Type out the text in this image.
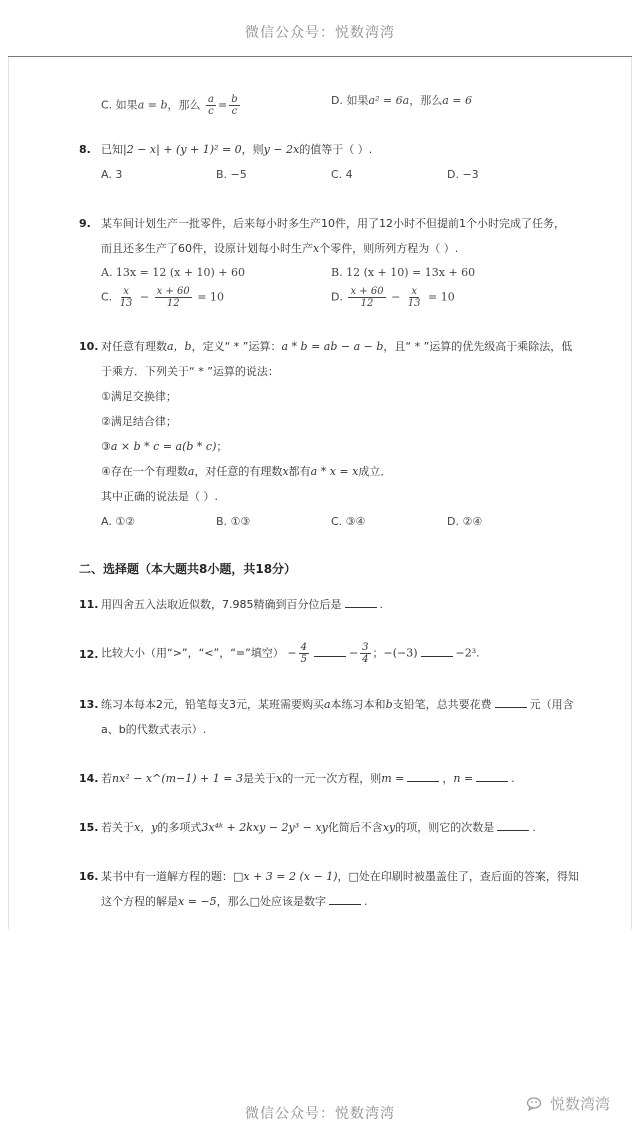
微信公众号：悦数湾湾
C. 如果a = b，那么 $\frac{a}{c} = \frac{b}{c}$	D. 如果a² = 6a，那么a = 6
8. 已知|2 − x| + (y + 1)² = 0，则y − 2x的值等于（ ）.
A. 3	B. −5	C. 4	D. −3
9. 某车间计划生产一批零件，后来每小时多生产10件，用了12小时不但提前1个小时完成了任务，
而且还多生产了60件，设原计划每小时生产x个零件，则所列方程为（ ）.
A. 13x = 12 (x + 10) + 60	B. 12 (x + 10) = 13x + 60
C. $\frac{x}{13} - \frac{x + 60}{12} = 10$	D. $\frac{x + 60}{12} - \frac{x}{13} = 10$
10. 对任意有理数a，b，定义“ * ”运算：a * b = ab − a − b，且“ * ”运算的优先级高于乘除法，低
于乘方．下列关于“ * ”运算的说法：
①满足交换律；
②满足结合律；
③a × b * c = a(b * c)；
④存在一个有理数a，对任意的有理数x都有a * x = x成立．
其中正确的说法是（ ）.
A. ①②	B. ①③	C. ③④	D. ②④
二、选择题（本大题共8小题，共18分）
11. 用四舍五入法取近似数，7.985精确到百分位后是	.
12. 比较大小（用“>”，“<”，“=”填空） − $\frac{4}{5}$	− $\frac{3}{4}$ ；−(−3)	−2³.
13. 练习本每本2元，铅笔每支3元，某班需要购买a本练习本和b支铅笔，总共要花费	元（用含
a、b的代数式表示）.
14. 若nx² − x^(m−1) + 1 = 3是关于x的一元一次方程，则m =	，n =	.
15. 若关于x，y的多项式3x⁴ᵏ + 2kxy − 2y³ − xy化简后不含xy的项，则它的次数是	.
16. 某书中有一道解方程的题：□x + 3 = 2 (x − 1)，□处在印刷时被墨盖住了，查后面的答案，得知
这个方程的解是x = −5，那么□处应该是数字	.
微信公众号：悦数湾湾
悦数湾湾
